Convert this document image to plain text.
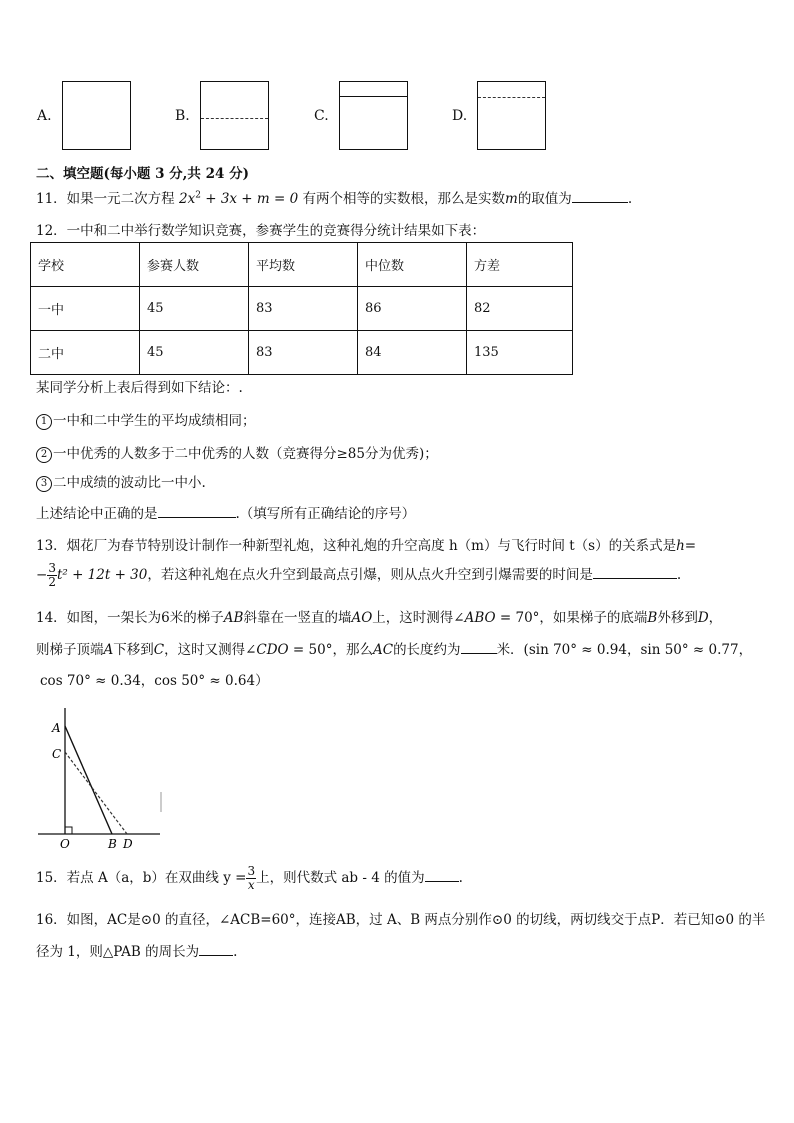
A.	B.	C.	D.
二、填空题(每小题 3 分,共 24 分)
11．如果一元二次方程 $2x^2 + 3x + m = 0$ 有两个相等的实数根，那么是实数m的取值为	.
12．一中和二中举行数学知识竞赛，参赛学生的竞赛得分统计结果如下表：
学校	参赛人数	平均数	中位数	方差
一中	45	83	86	82
二中	45	83	84	135
某同学分析上表后得到如下结论：.
1 一中和二中学生的平均成绩相同；
2 一中优秀的人数多于二中优秀的人数（竞赛得分≥85分为优秀)；
3 二中成绩的波动比一中小.
上述结论中正确的是	.（填写所有正确结论的序号）
13．烟花厂为春节特别设计制作一种新型礼炮，这种礼炮的升空高度 h（m）与飞行时间 t（s）的关系式是h=
− $\frac{3}{2} t^2 + 12t + 30$，若这种礼炮在点火升空到最高点引爆，则从点火升空到引爆需要的时间是	.
14．如图，一架长为6米的梯子AB斜靠在一竖直的墙AO上，这时测得∠ABO = 70°，如果梯子的底端B外移到D，
则梯子顶端A下移到C，这时又测得∠CDO = 50°，那么AC的长度约为	米．(sin 70° ≈ 0.94，sin 50° ≈ 0.77，
cos 70° ≈ 0.34，cos 50° ≈ 0.64）
A
C
O	B D
15．若点 A（a，b）在双曲线 $y = \frac{3}{x}$ 上，则代数式 ab - 4 的值为	.
16．如图，AC是⊙0 的直径，∠ACB=60°，连接AB，过 A、B 两点分别作⊙0 的切线，两切线交于点P．若已知⊙0 的半
径为 1，则△PAB 的周长为	.
